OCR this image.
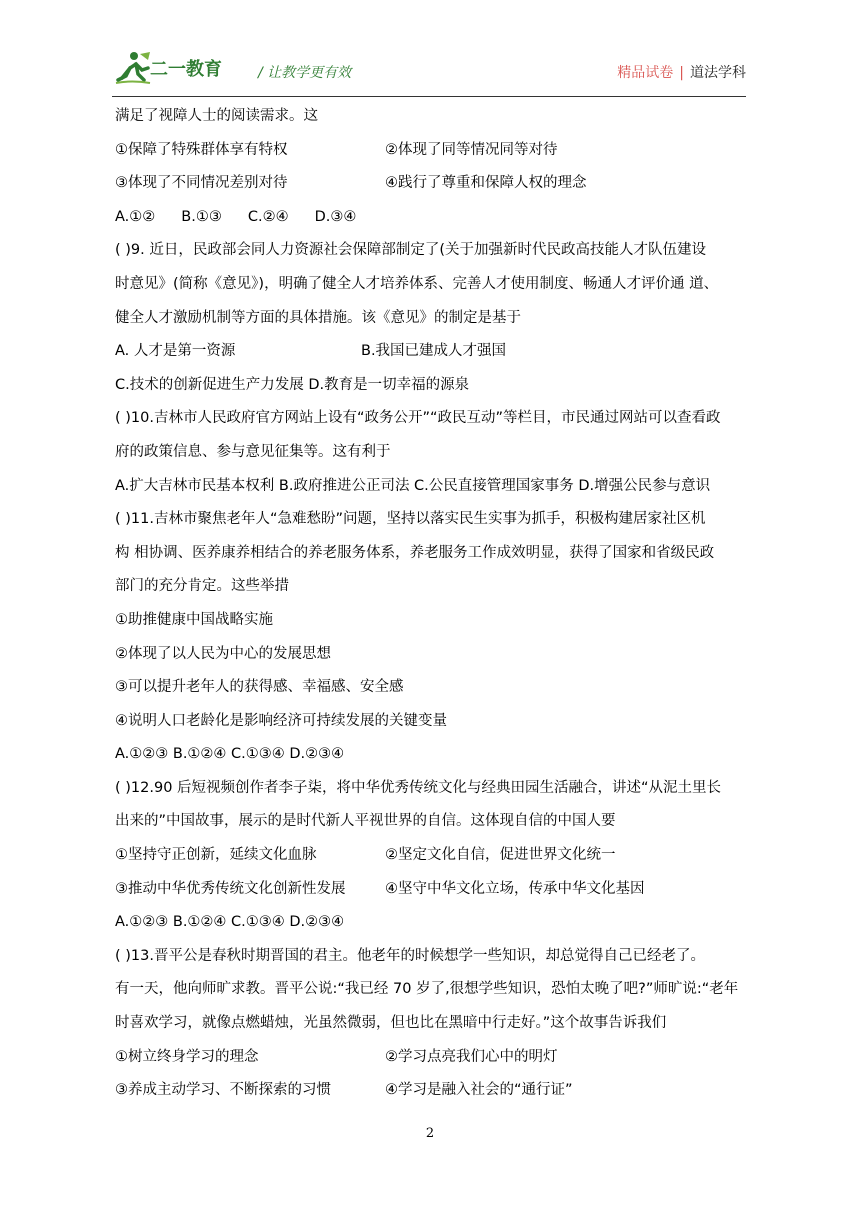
二一教育	/ 让教学更有效	精品试卷 | 道法学科
满足了视障人士的阅读需求。这
①保障了特殊群体享有特权	②体现了同等情况同等对待
③体现了不同情况差别对待	④践行了尊重和保障人权的理念
A.①② B.①③ C.②④ D.③④
( )9. 近日，民政部会同人力资源社会保障部制定了(关于加强新时代民政高技能人才队伍建设
时意见》(简称《意见》)，明确了健全人才培养体系、完善人才使用制度、畅通人才评价通 道、
健全人才激励机制等方面的具体措施。该《意见》的制定是基于
A. 人才是第一资源	B.我国已建成人才强国
C.技术的创新促进生产力发展 D.教育是一切幸福的源泉
( )10.吉林市人民政府官方网站上设有“政务公开”“政民互动”等栏目，市民通过网站可以查看政
府的政策信息、参与意见征集等。这有利于
A.扩大吉林市民基本权利 B.政府推进公正司法 C.公民直接管理国家事务 D.增强公民参与意识
( )11.吉林市聚焦老年人“急难愁盼”问题，坚持以落实民生实事为抓手，积极构建居家社区机
构 相协调、医养康养相结合的养老服务体系，养老服务工作成效明显，获得了国家和省级民政
部门的充分肯定。这些举措
①助推健康中国战略实施
②体现了以人民为中心的发展思想
③可以提升老年人的获得感、幸福感、安全感
④说明人口老龄化是影响经济可持续发展的关键变量
A.①②③ B.①②④ C.①③④ D.②③④
( )12.90 后短视频创作者李子柒，将中华优秀传统文化与经典田园生活融合，讲述“从泥土里长
出来的”中国故事，展示的是时代新人平视世界的自信。这体现自信的中国人要
①坚持守正创新，延续文化血脉	②坚定文化自信，促进世界文化统一
③推动中华优秀传统文化创新性发展	④坚守中华文化立场，传承中华文化基因
A.①②③ B.①②④ C.①③④ D.②③④
( )13.晋平公是春秋时期晋国的君主。他老年的时候想学一些知识，却总觉得自己已经老了。
有一天，他向师旷求教。晋平公说:“我已经 70 岁了,很想学些知识，恐怕太晚了吧?”师旷说:“老年
时喜欢学习，就像点燃蜡烛，光虽然微弱，但也比在黑暗中行走好。”这个故事告诉我们
①树立终身学习的理念	②学习点亮我们心中的明灯
③养成主动学习、不断探索的习惯	④学习是融入社会的“通行证”
2
